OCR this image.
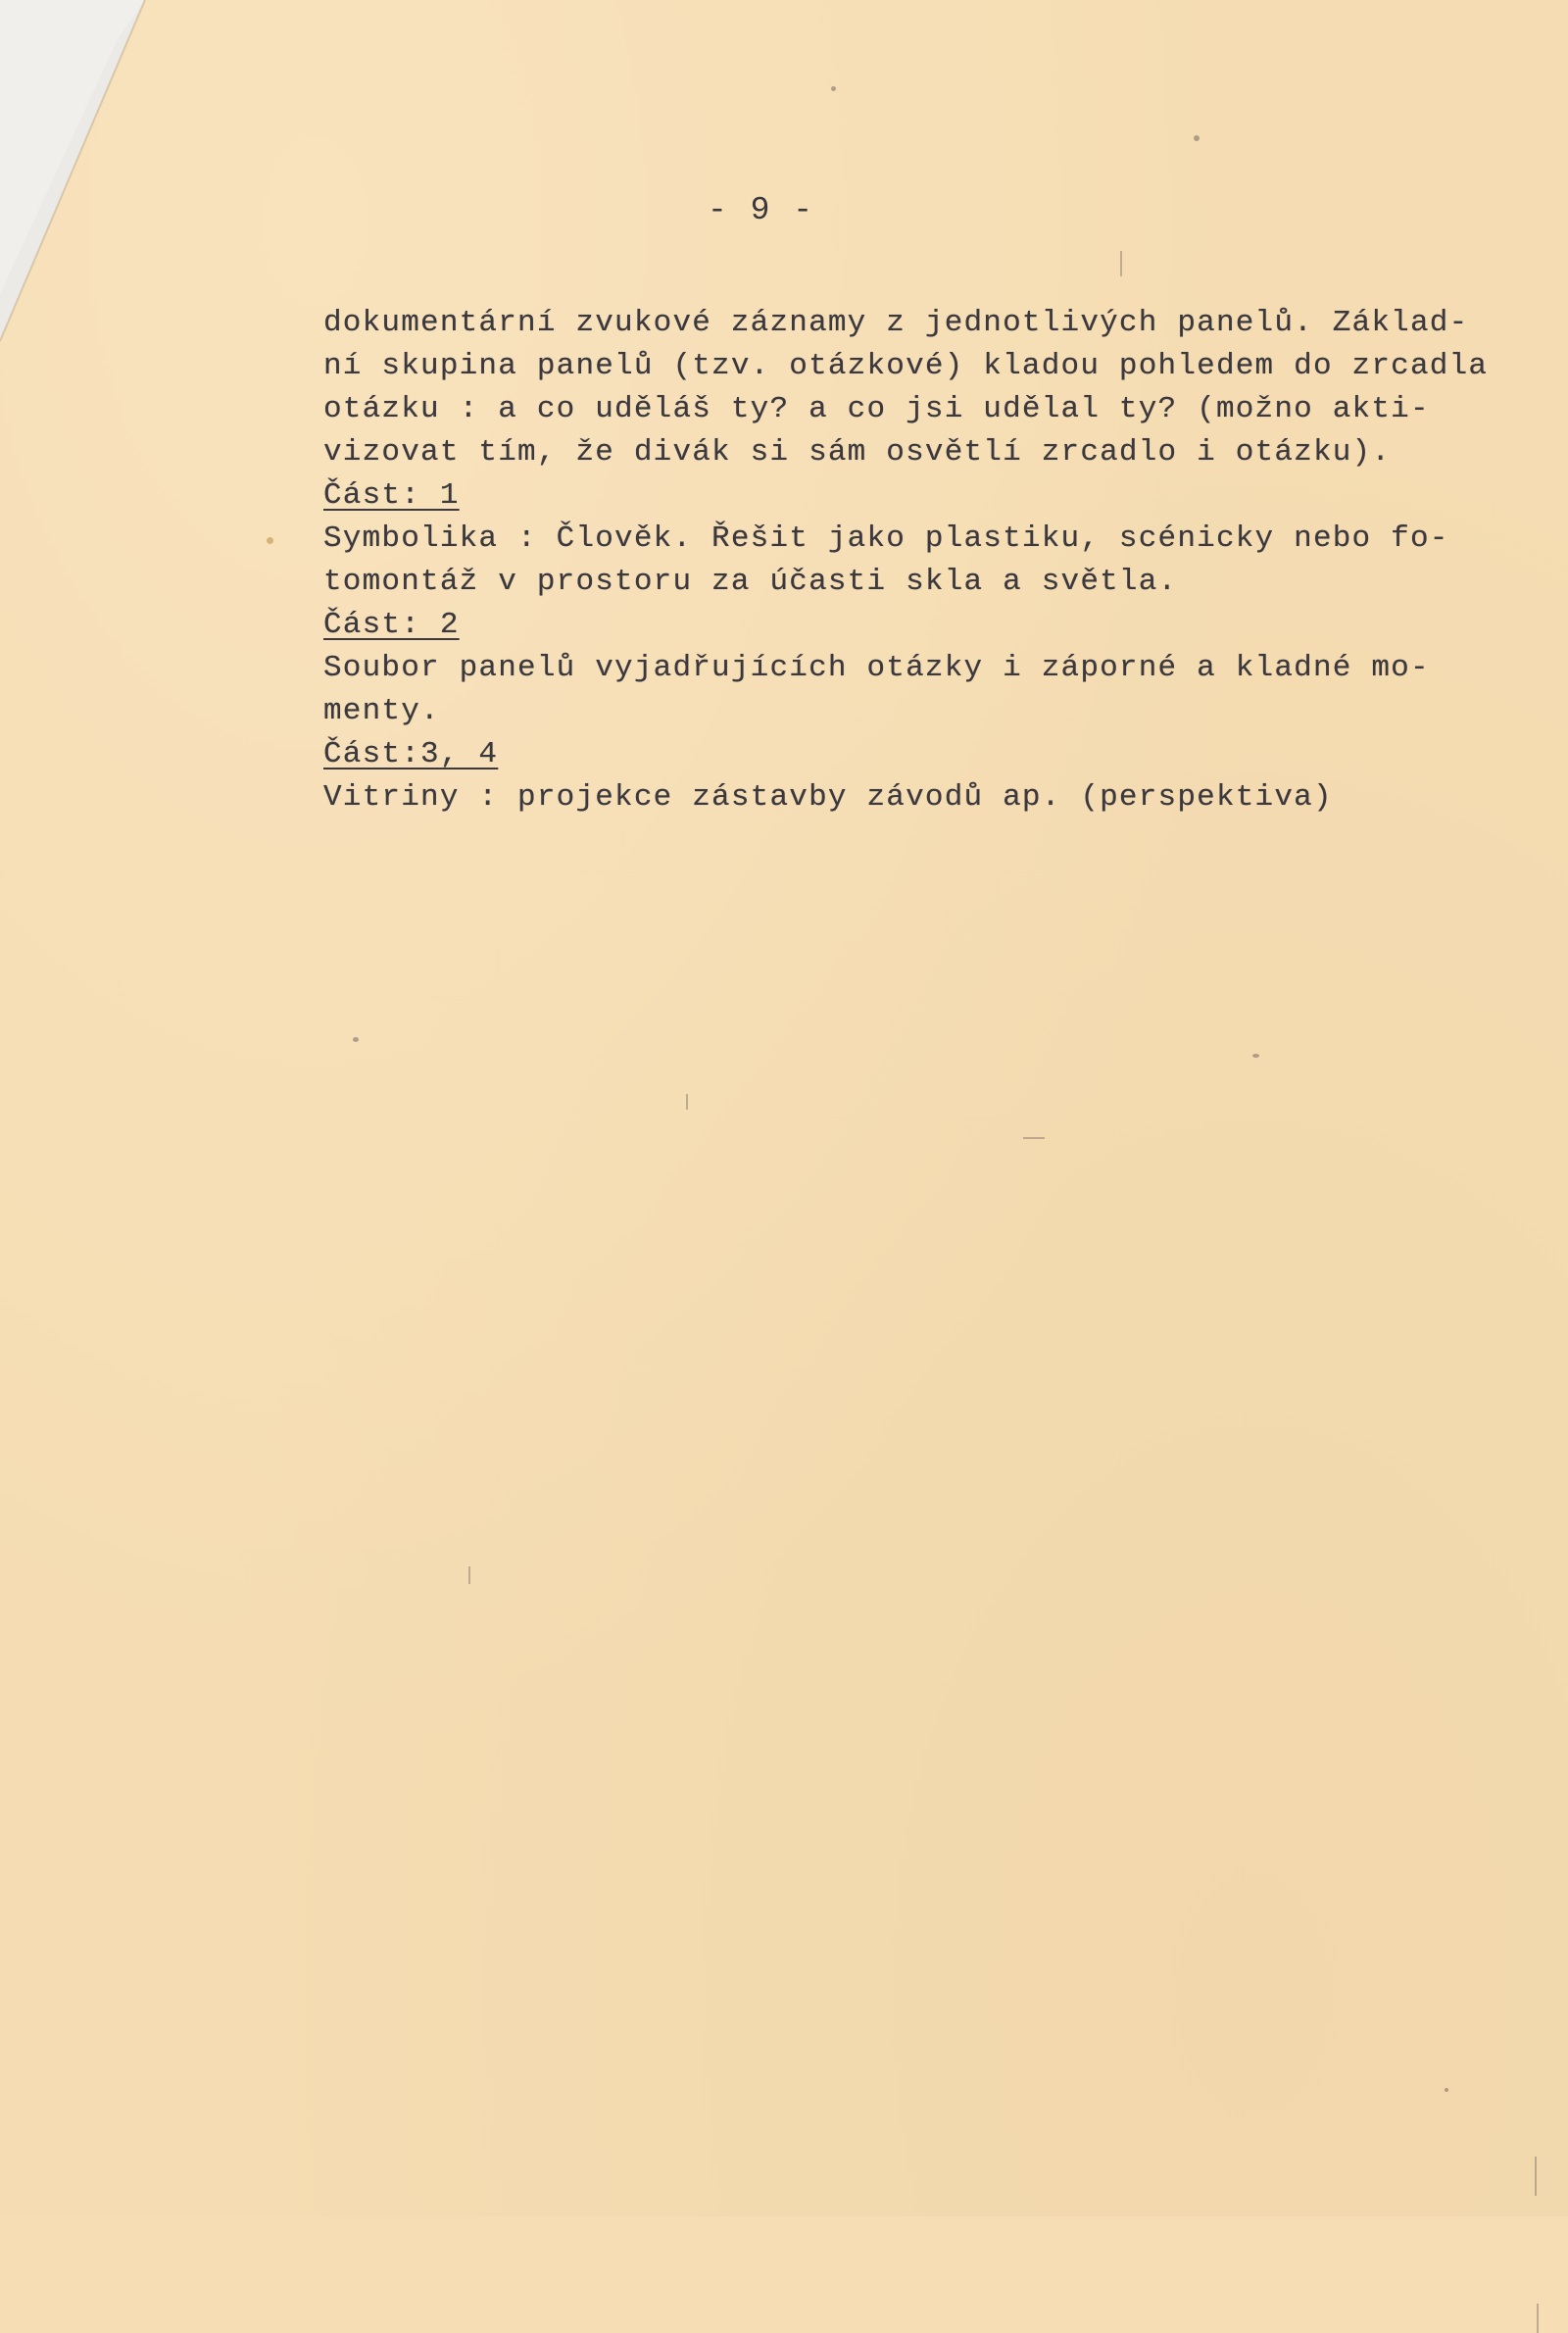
- 9 -
dokumentární zvukové záznamy z jednotlivých panelů. Základ-
ní skupina panelů (tzv. otázkové) kladou pohledem do zrcadla
otázku : a co uděláš ty? a co jsi udělal ty? (možno akti-
vizovat tím, že divák si sám osvětlí zrcadlo i otázku).
Část: 1
Symbolika : Člověk. Řešit jako plastiku, scénicky nebo fo-
tomontáž v prostoru za účasti skla a světla.
Část: 2
Soubor panelů vyjadřujících otázky i záporné a kladné mo-
menty.
Část:3, 4
Vitriny : projekce zástavby závodů ap. (perspektiva)
